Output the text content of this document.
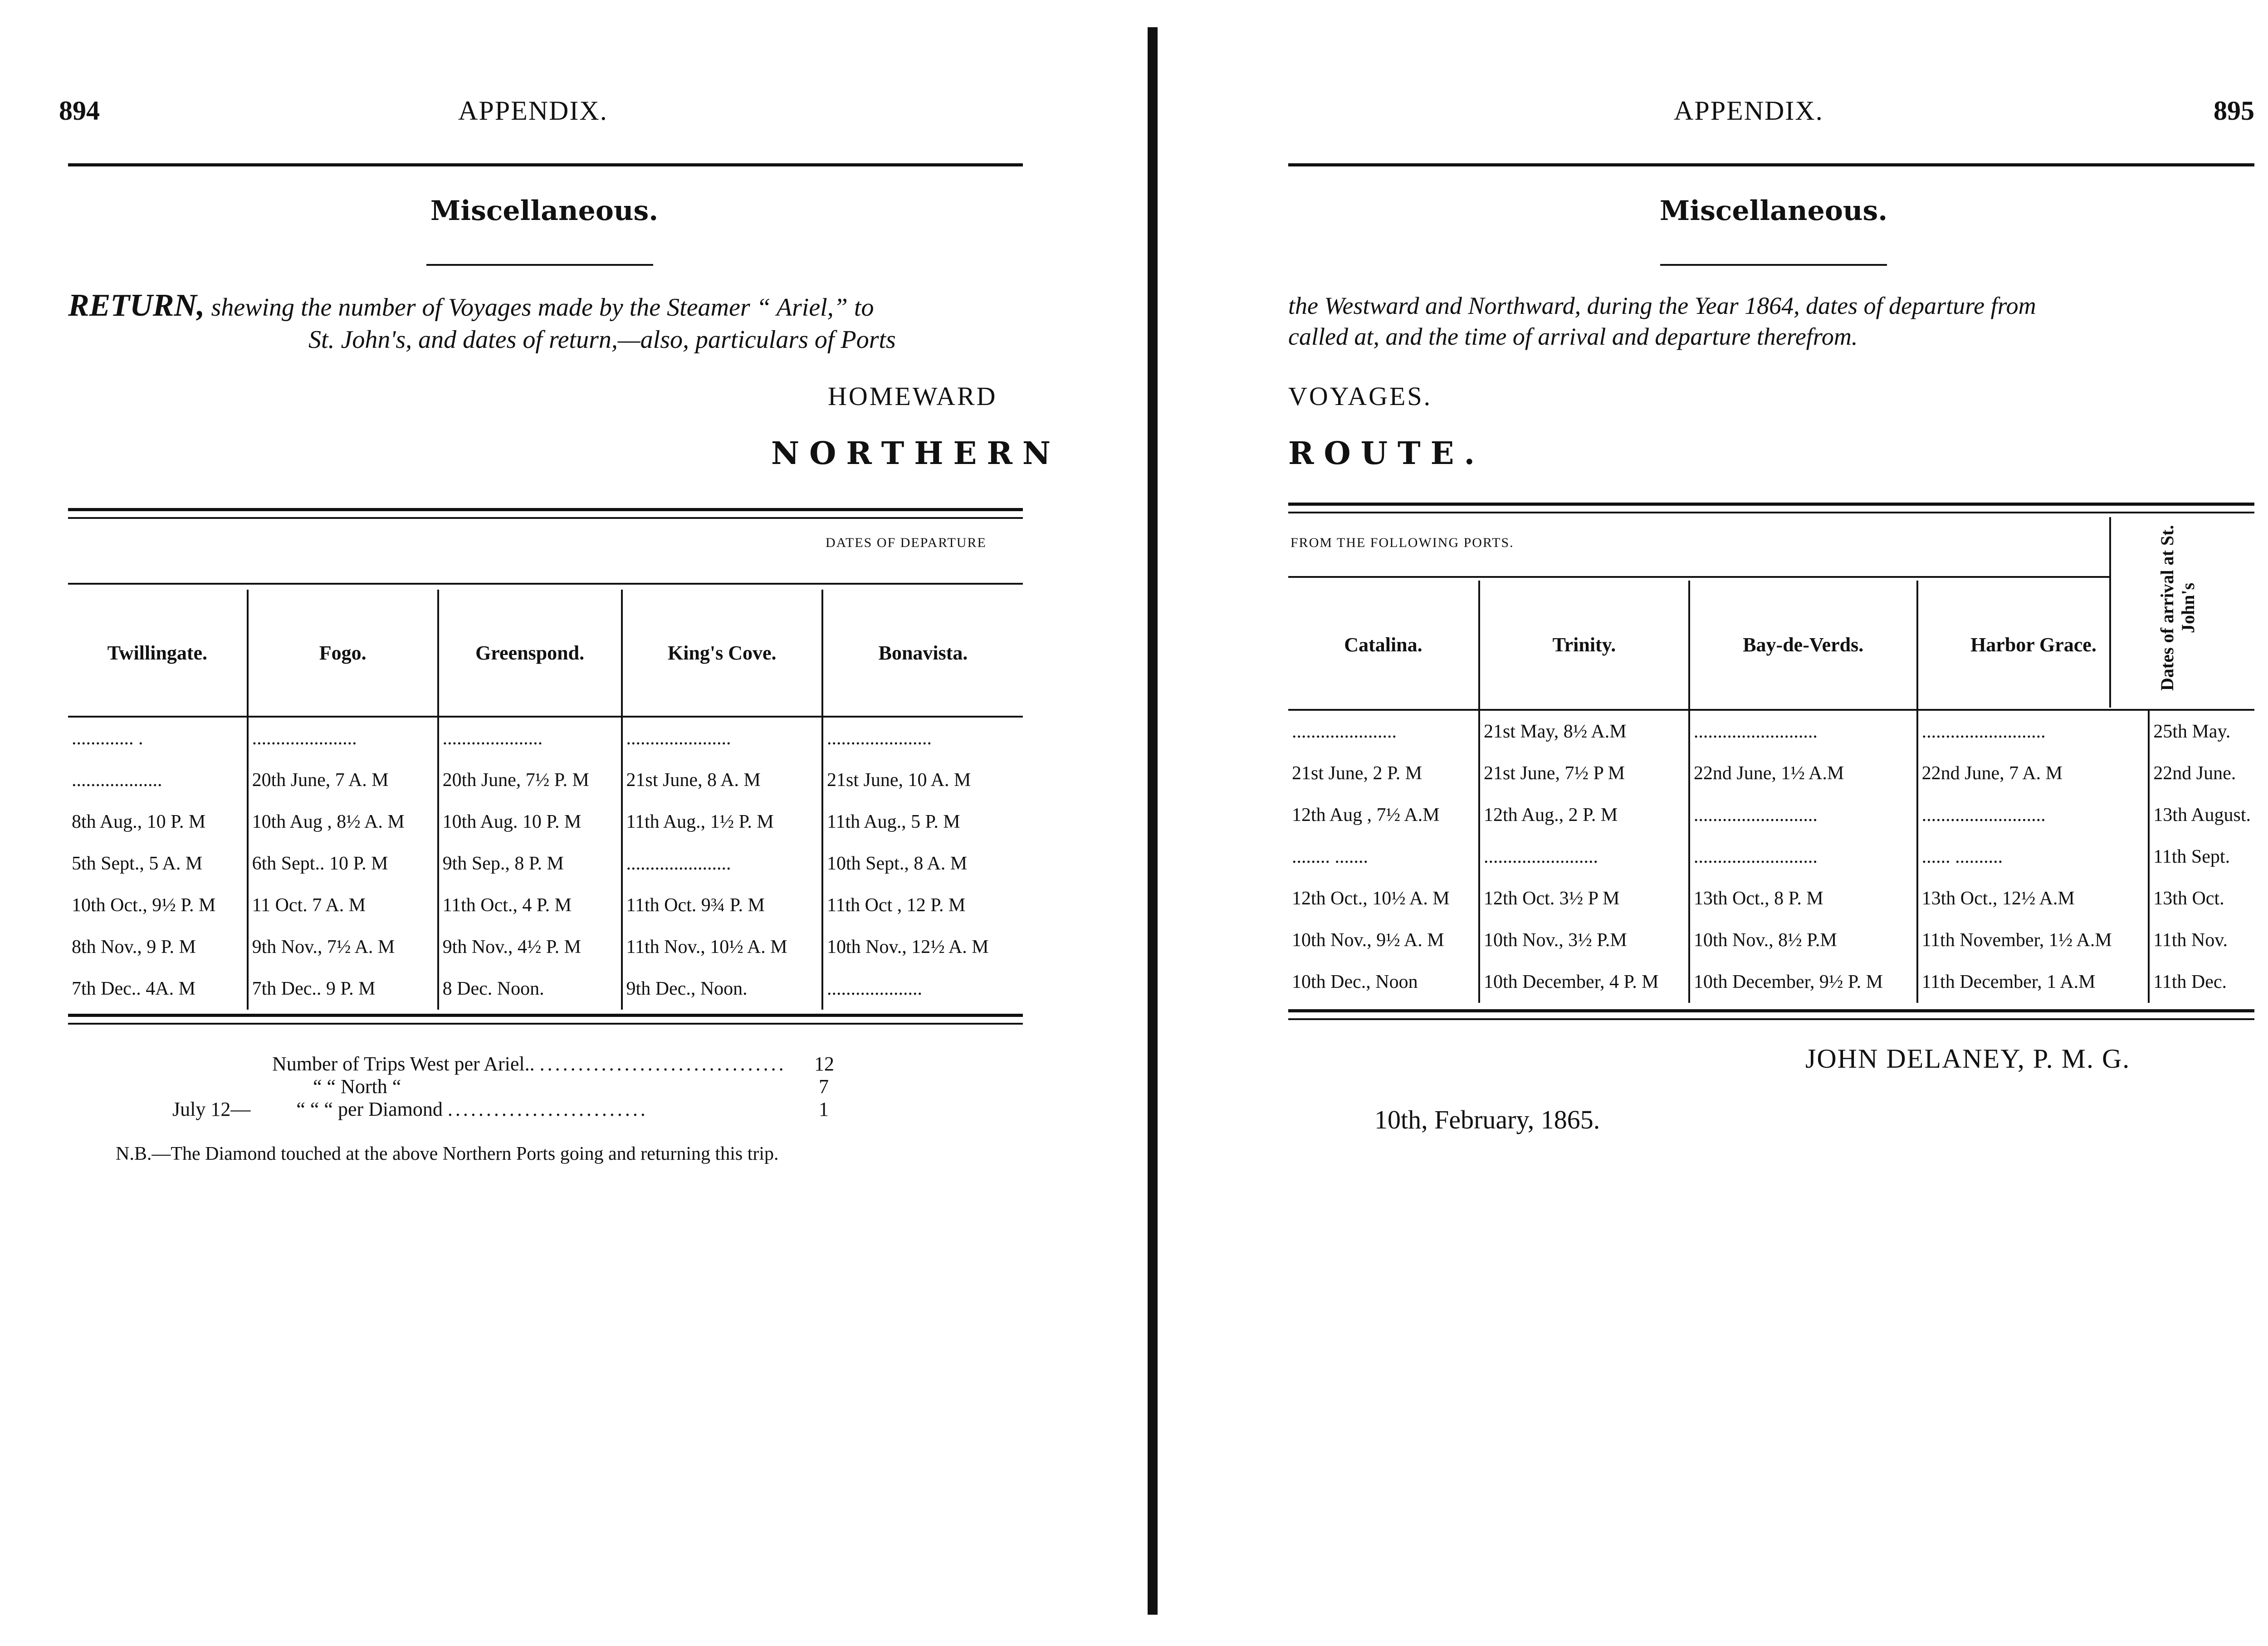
894	APPENDIX.
Miscellaneous.
RETURN, shewing the number of Voyages made by the Steamer “ Ariel,” to
St. John's, and dates of return,—also, particulars of Ports
HOMEWARD
NORTHERN
DATES OF DEPARTURE
Twillingate.	Fogo.	Greenspond.	King's Cove.	Bonavista.
............. .	......................	.....................	......................	......................
...................	20th June, 7 A. M	20th June, 7½ P. M	21st June, 8 A. M	21st June, 10 A. M
8th Aug., 10 P. M	10th Aug , 8½ A. M	10th Aug. 10 P. M	11th Aug., 1½ P. M	11th Aug., 5 P. M
5th Sept., 5 A. M	6th Sept.. 10 P. M	9th Sep., 8 P. M	......................	10th Sept., 8 A. M
10th Oct., 9½ P. M	11 Oct. 7 A. M	11th Oct., 4 P. M	11th Oct. 9¾ P. M	11th Oct , 12 P. M
8th Nov., 9 P. M	9th Nov., 7½ A. M	9th Nov., 4½ P. M	11th Nov., 10½ A. M	10th Nov., 12½ A. M
7th Dec.. 4A. M	7th Dec.. 9 P. M	8 Dec. Noon.	9th Dec., Noon.	....................
Number of Trips West per Ariel.. ................................ 12
“ “ North “	7
July 12— “ “ “ per Diamond ..........................	1
N.B.—The Diamond touched at the above Northern Ports going and returning this trip.
APPENDIX.	895
Miscellaneous.
the Westward and Northward, during the Year 1864, dates of departure from
called at, and the time of arrival and departure therefrom.
VOYAGES.
ROUTE.
FROM THE FOLLOWING PORTS.	Dates of arrival at St. John's
Catalina.	Trinity.	Bay-de-Verds.	Harbor Grace.	
......................	21st May, 8½ A.M	..........................	..........................	25th May.
21st June, 2 P. M	21st June, 7½ P M	22nd June, 1½ A.M	22nd June, 7 A. M	22nd June.
12th Aug , 7½ A.M	12th Aug., 2 P. M	..........................	..........................	13th August.
........ .......	........................	..........................	...... ..........	11th Sept.
12th Oct., 10½ A. M	12th Oct. 3½ P M	13th Oct., 8 P. M	13th Oct., 12½ A.M	13th Oct.
10th Nov., 9½ A. M	10th Nov., 3½ P.M	10th Nov., 8½ P.M	11th November, 1½ A.M	11th Nov.
10th Dec., Noon	10th December, 4 P. M	10th December, 9½ P. M	11th December, 1 A.M	11th Dec.
JOHN DELANEY, P. M. G.
10th, February, 1865.
